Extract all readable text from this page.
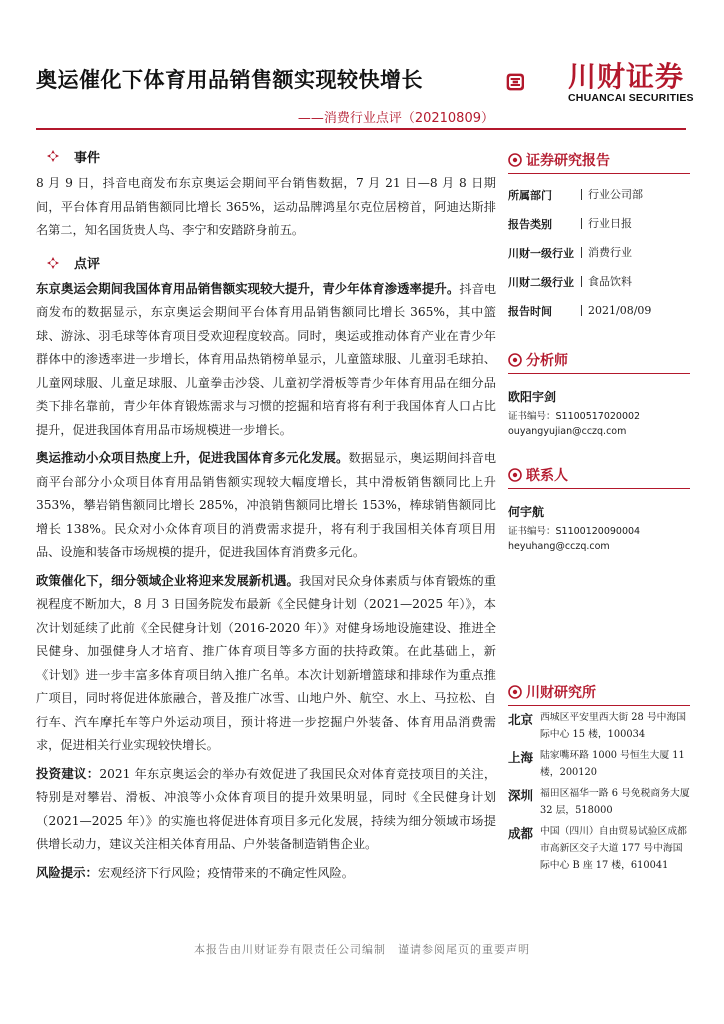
奥运催化下体育用品销售额实现较快增长
——消费行业点评（20210809）
川财证券
CHUANCAI SECURITIES
事件

8 月 9 日，抖音电商发布东京奥运会期间平台销售数据，7 月 21 日—8 月 8 日期间，平台体育用品销售额同比增长 365%，运动品牌鸿星尔克位居榜首，阿迪达斯排名第二，知名国货贵人鸟、李宁和安踏跻身前五。

点评

东京奥运会期间我国体育用品销售额实现较大提升，青少年体育渗透率提升。抖音电商发布的数据显示，东京奥运会期间平台体育用品销售额同比增长 365%，其中篮球、游泳、羽毛球等体育项目受欢迎程度较高。同时，奥运或推动体育产业在青少年群体中的渗透率进一步增长，体育用品热销榜单显示，儿童篮球服、儿童羽毛球拍、儿童网球服、儿童足球服、儿童拳击沙袋、儿童初学滑板等青少年体育用品在细分品类下排名靠前，青少年体育锻炼需求与习惯的挖掘和培育将有利于我国体育人口占比提升，促进我国体育用品市场规模进一步增长。

奥运推动小众项目热度上升，促进我国体育多元化发展。数据显示，奥运期间抖音电商平台部分小众项目体育用品销售额实现较大幅度增长，其中滑板销售额同比上升 353%，攀岩销售额同比增长 285%，冲浪销售额同比增长 153%，棒球销售额同比增长 138%。民众对小众体育项目的消费需求提升，将有利于我国相关体育项目用品、设施和装备市场规模的提升，促进我国体育消费多元化。

政策催化下，细分领域企业将迎来发展新机遇。我国对民众身体素质与体育锻炼的重视程度不断加大，8 月 3 日国务院发布最新《全民健身计划（2021—2025 年）》，本次计划延续了此前《全民健身计划（2016-2020 年）》对健身场地设施建设、推进全民健身、加强健身人才培育、推广体育项目等多方面的扶持政策。在此基础上，新《计划》进一步丰富多体育项目纳入推广名单。本次计划新增篮球和排球作为重点推广项目，同时将促进体旅融合，普及推广冰雪、山地户外、航空、水上、马拉松、自行车、汽车摩托车等户外运动项目，预计将进一步挖掘户外装备、体育用品消费需求，促进相关行业实现较快增长。

投资建议：2021 年东京奥运会的举办有效促进了我国民众对体育竞技项目的关注，特别是对攀岩、滑板、冲浪等小众体育项目的提升效果明显，同时《全民健身计划（2021—2025 年）》的实施也将促进体育项目多元化发展，持续为细分领域市场提供增长动力，建议关注相关体育用品、户外装备制造销售企业。

风险提示：宏观经济下行风险；疫情带来的不确定性风险。

证券研究报告
所属部门	行业公司部
报告类别	行业日报
川财一级行业	消费行业
川财二级行业	食品饮料
报告时间	2021/08/09
分析师
欧阳宇剑
证书编号：S1100517020002
ouyangyujian@cczq.com
联系人
何宇航
证书编号：S1100120090004
heyuhang@cczq.com
川财研究所
北京 西城区平安里西大街 28 号中海国际中心 15 楼，100034
上海 陆家嘴环路 1000 号恒生大厦 11 楼，200120
深圳 福田区福华一路 6 号免税商务大厦 32 层，518000
成都 中国（四川）自由贸易试验区成都市高新区交子大道 177 号中海国际中心 B 座 17 楼，610041
本报告由川财证券有限责任公司编制　谨请参阅尾页的重要声明
